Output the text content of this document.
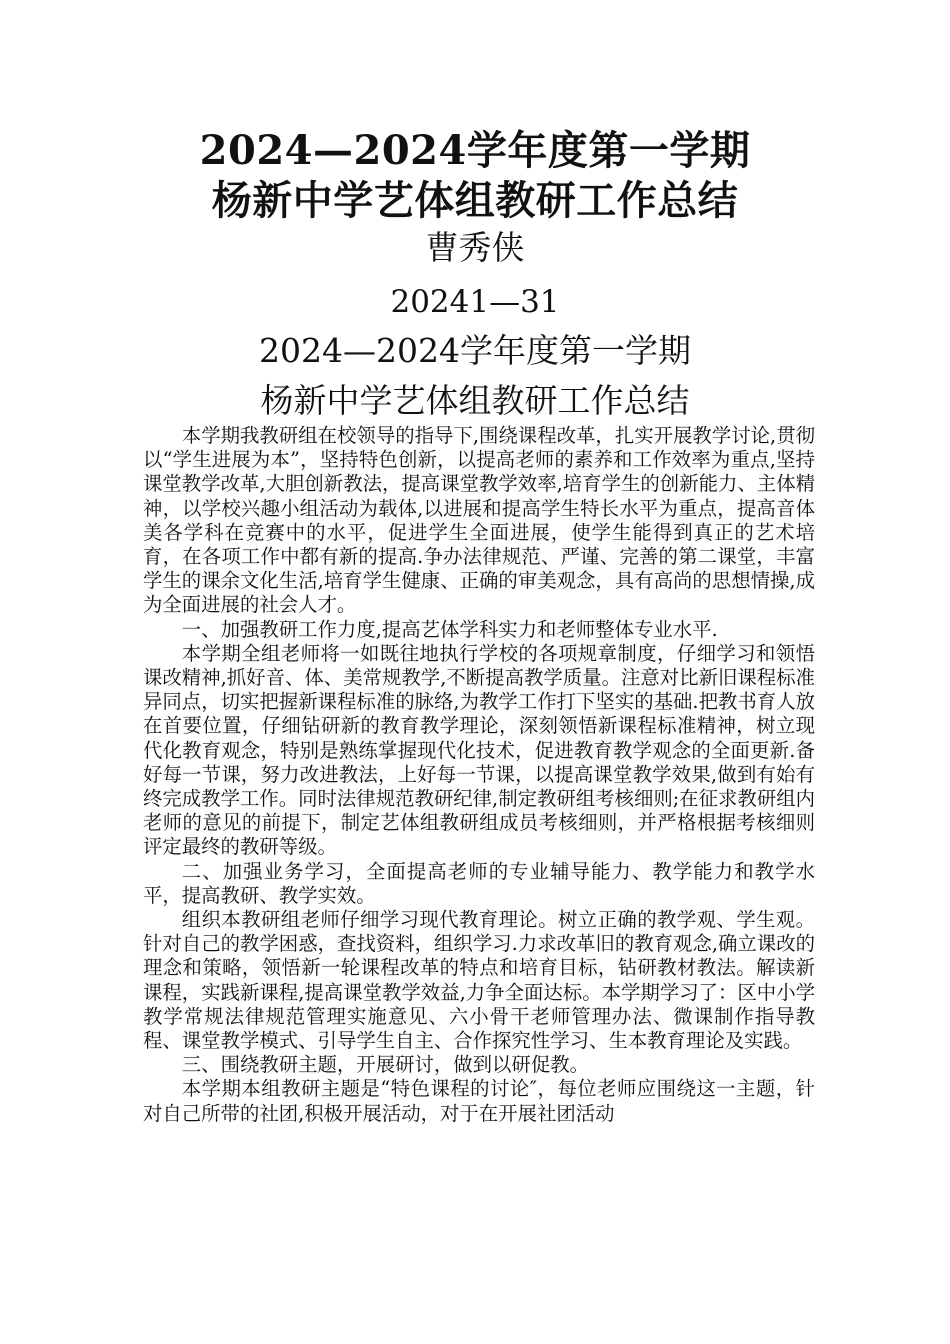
2024—2024学年度第一学期
杨新中学艺体组教研工作总结
曹秀侠
20241—31
2024—2024学年度第一学期
杨新中学艺体组教研工作总结

本学期我教研组在校领导的指导下,围绕课程改革，扎实开展教学讨论,贯彻以“学生进展为本”，坚持特色创新，以提高老师的素养和工作效率为重点,坚持课堂教学改革,大胆创新教法，提高课堂教学效率,培育学生的创新能力、主体精神，以学校兴趣小组活动为载体,以进展和提高学生特长水平为重点，提高音体美各学科在竞赛中的水平，促进学生全面进展，使学生能得到真正的艺术培育，在各项工作中都有新的提高.争办法律规范、严谨、完善的第二课堂，丰富学生的课余文化生活,培育学生健康、正确的审美观念，具有高尚的思想情操,成为全面进展的社会人才。

一、加强教研工作力度,提高艺体学科实力和老师整体专业水平.

本学期全组老师将一如既往地执行学校的各项规章制度，仔细学习和领悟课改精神,抓好音、体、美常规教学,不断提高教学质量。注意对比新旧课程标准异同点，切实把握新课程标准的脉络,为教学工作打下坚实的基础.把教书育人放在首要位置，仔细钻研新的教育教学理论，深刻领悟新课程标准精神，树立现代化教育观念，特别是熟练掌握现代化技术，促进教育教学观念的全面更新.备好每一节课，努力改进教法，上好每一节课，以提高课堂教学效果,做到有始有终完成教学工作。同时法律规范教研纪律,制定教研组考核细则;在征求教研组内老师的意见的前提下，制定艺体组教研组成员考核细则，并严格根据考核细则评定最终的教研等级。

二、加强业务学习，全面提高老师的专业辅导能力、教学能力和教学水平，提高教研、教学实效。

组织本教研组老师仔细学习现代教育理论。树立正确的教学观、学生观。针对自己的教学困惑，查找资料，组织学习.力求改革旧的教育观念,确立课改的理念和策略，领悟新一轮课程改革的特点和培育目标，钻研教材教法。解读新课程，实践新课程,提高课堂教学效益,力争全面达标。本学期学习了：区中小学教学常规法律规范管理实施意见、六小骨干老师管理办法、微课制作指导教程、课堂教学模式、引导学生自主、合作探究性学习、生本教育理论及实践。

三、围绕教研主题，开展研讨，做到以研促教。

本学期本组教研主题是“特色课程的讨论″，每位老师应围绕这一主题，针对自己所带的社团,积极开展活动，对于在开展社团活动
